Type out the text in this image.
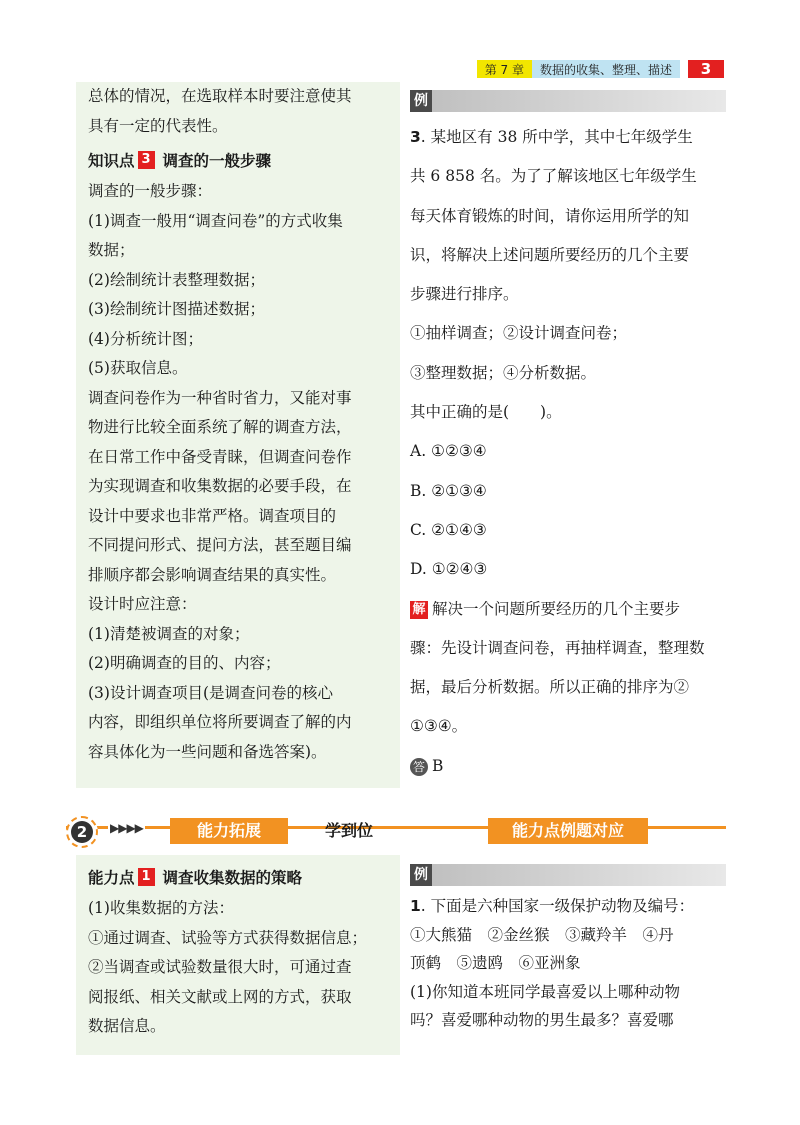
第 7 章	数据的收集、整理、描述	3
总体的情况，在选取样本时要注意使其
具有一定的代表性。
知识点 3 调查的一般步骤
调查的一般步骤：
(1)调查一般用“调查问卷”的方式收集
数据；
(2)绘制统计表整理数据；
(3)绘制统计图描述数据；
(4)分析统计图；
(5)获取信息。
调查问卷作为一种省时省力，又能对事
物进行比较全面系统了解的调查方法，
在日常工作中备受青睐，但调查问卷作
为实现调查和收集数据的必要手段，在
设计中要求也非常严格。调查项目的
不同提问形式、提问方法，甚至题目编
排顺序都会影响调查结果的真实性。
设计时应注意：
(1)清楚被调查的对象；
(2)明确调查的目的、内容；
(3)设计调查项目(是调查问卷的核心
内容，即组织单位将所要调查了解的内
容具体化为一些问题和备选答案)。
例
3. 某地区有 38 所中学，其中七年级学生
共 6 858 名。为了了解该地区七年级学生
每天体育锻炼的时间，请你运用所学的知
识，将解决上述问题所要经历的几个主要
步骤进行排序。
①抽样调查；②设计调查问卷；
③整理数据；④分析数据。
其中正确的是(　　)。
A. ①②③④
B. ②①③④
C. ②①④③
D. ①②④③
解 解决一个问题所要经历的几个主要步
骤：先设计调查问卷，再抽样调查，整理数
据，最后分析数据。所以正确的排序为②
①③④。
答 B
2	▶▶▶▶	能力拓展	学到位	能力点例题对应
能力点 1 调查收集数据的策略
(1)收集数据的方法：
①通过调查、试验等方式获得数据信息；
②当调查或试验数量很大时，可通过查
阅报纸、相关文献或上网的方式，获取
数据信息。
例
1. 下面是六种国家一级保护动物及编号：
①大熊猫　②金丝猴　③藏羚羊　④丹
顶鹤　⑤遗鸥　⑥亚洲象
(1)你知道本班同学最喜爱以上哪种动物
吗？喜爱哪种动物的男生最多？喜爱哪
